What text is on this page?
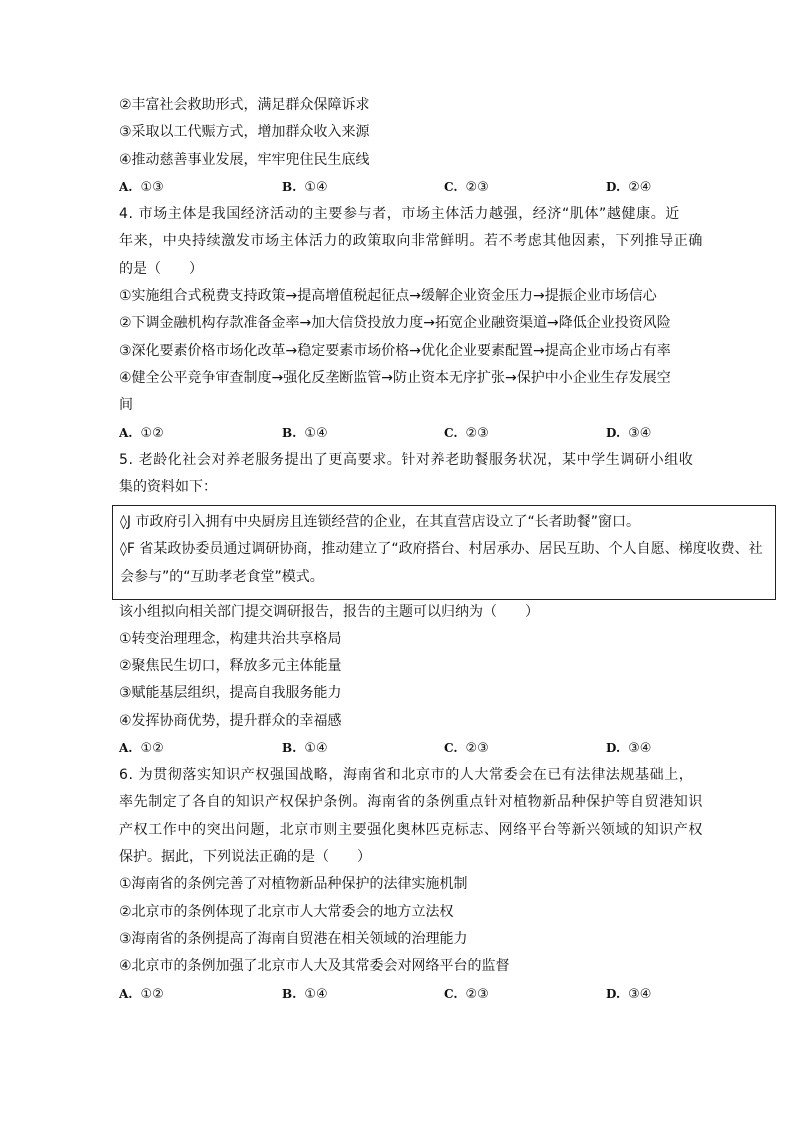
②丰富社会救助形式，满足群众保障诉求
③采取以工代赈方式，增加群众收入来源
④推动慈善事业发展，牢牢兜住民生底线
A. ①③	B. ①④	C. ②③	D. ②④
4. 市场主体是我国经济活动的主要参与者，市场主体活力越强，经济“肌体”越健康。近
年来，中央持续激发市场主体活力的政策取向非常鲜明。若不考虑其他因素，下列推导正确
的是（　　）
①实施组合式税费支持政策→提高增值税起征点→缓解企业资金压力→提振企业市场信心
②下调金融机构存款准备金率→加大信贷投放力度→拓宽企业融资渠道→降低企业投资风险
③深化要素价格市场化改革→稳定要素市场价格→优化企业要素配置→提高企业市场占有率
④健全公平竞争审查制度→强化反垄断监管→防止资本无序扩张→保护中小企业生存发展空
间
A. ①②	B. ①④	C. ②③	D. ③④
5. 老龄化社会对养老服务提出了更高要求。针对养老助餐服务状况，某中学生调研小组收
集的资料如下：
◊J 市政府引入拥有中央厨房且连锁经营的企业，在其直营店设立了“长者助餐”窗口。
◊F 省某政协委员通过调研协商，推动建立了“政府搭台、村居承办、居民互助、个人自愿、梯度收费、社
会参与”的“互助孝老食堂”模式。
该小组拟向相关部门提交调研报告，报告的主题可以归纳为（　　）
①转变治理理念，构建共治共享格局
②聚焦民生切口，释放多元主体能量
③赋能基层组织，提高自我服务能力
④发挥协商优势，提升群众的幸福感
A. ①②	B. ①④	C. ②③	D. ③④
6. 为贯彻落实知识产权强国战略，海南省和北京市的人大常委会在已有法律法规基础上，
率先制定了各自的知识产权保护条例。海南省的条例重点针对植物新品种保护等自贸港知识
产权工作中的突出问题，北京市则主要强化奥林匹克标志、网络平台等新兴领域的知识产权
保护。据此，下列说法正确的是（　　）
①海南省的条例完善了对植物新品种保护的法律实施机制
②北京市的条例体现了北京市人大常委会的地方立法权
③海南省的条例提高了海南自贸港在相关领域的治理能力
④北京市的条例加强了北京市人大及其常委会对网络平台的监督
A. ①②	B. ①④	C. ②③	D. ③④
